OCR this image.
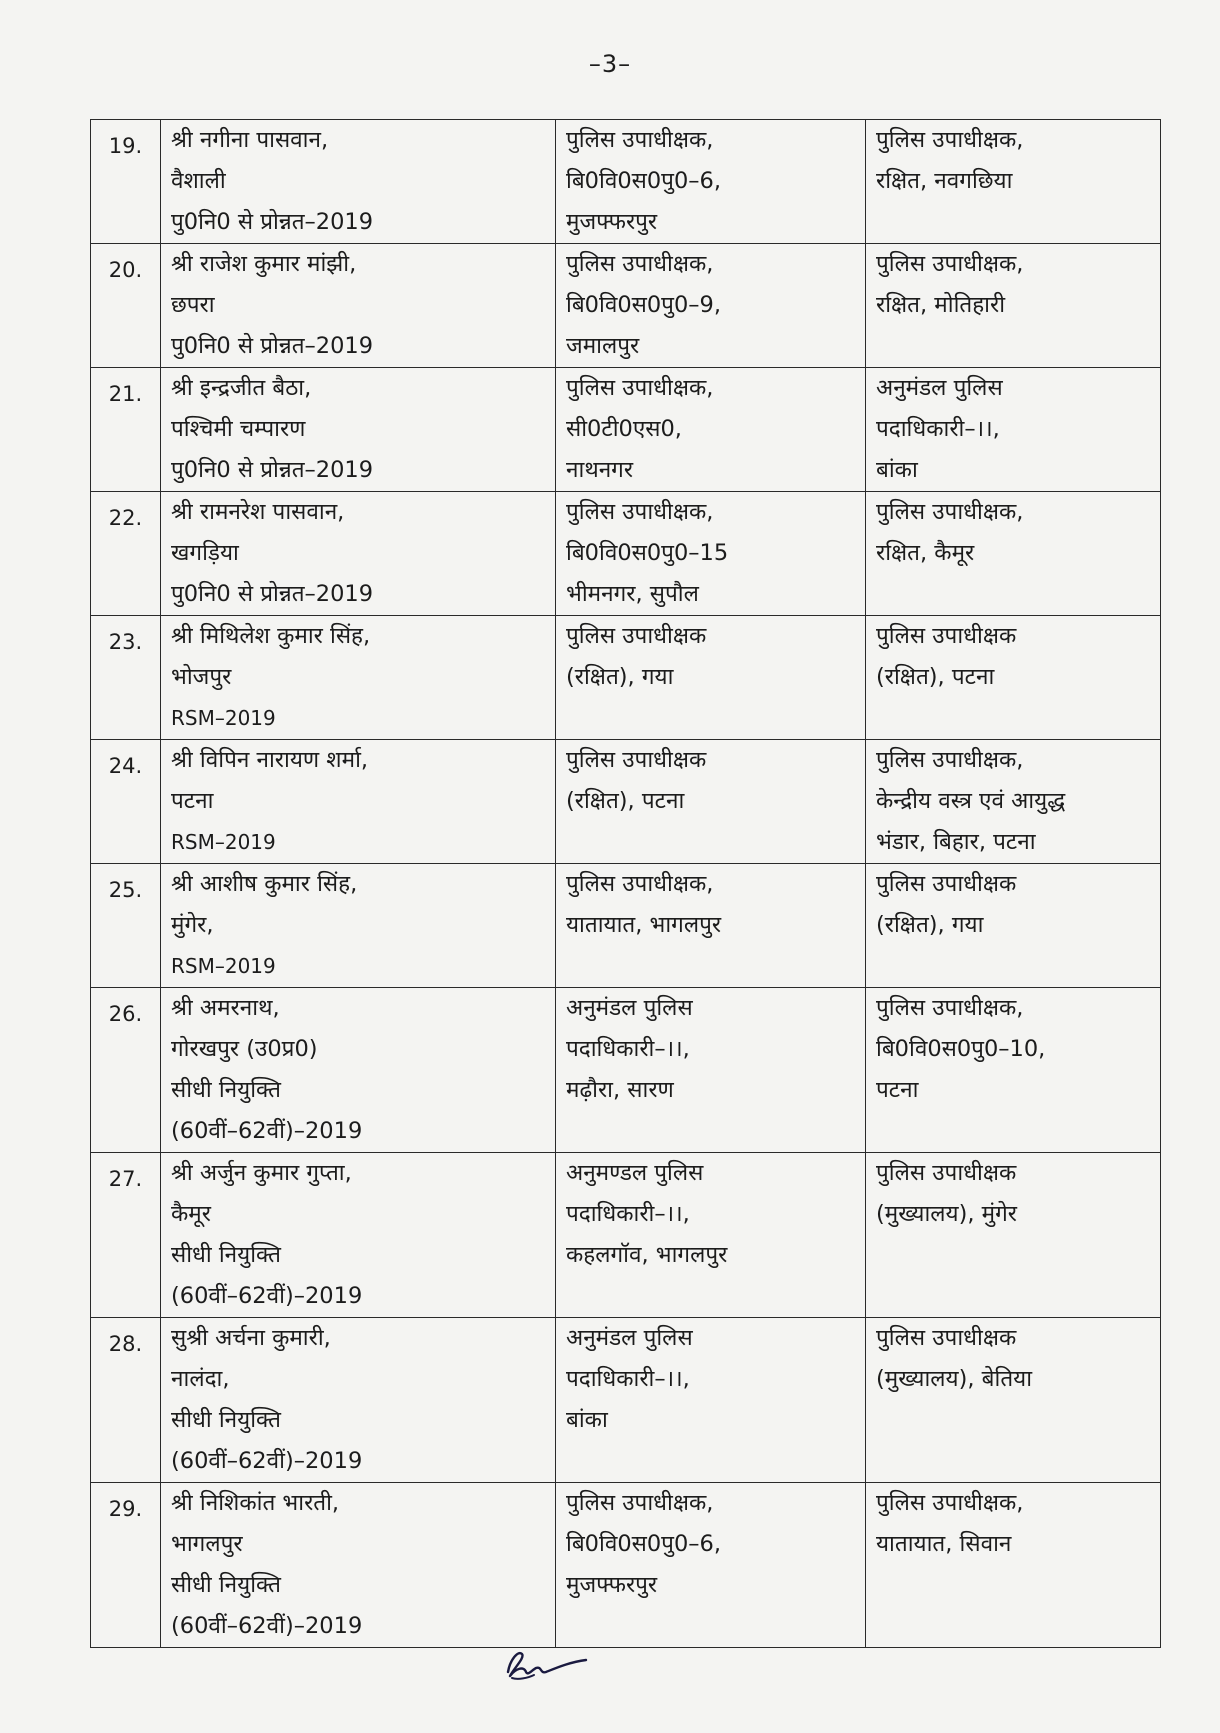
–3–
19.	श्री नगीना पासवान,
वैशाली
पु0नि0 से प्रोन्नत–2019	पुलिस उपाधीक्षक,
बि0वि0स0पु0–6,
मुजफ्फरपुर	पुलिस उपाधीक्षक,
रक्षित, नवगछिया

20.	श्री राजेश कुमार मांझी,
छपरा
पु0नि0 से प्रोन्नत–2019	पुलिस उपाधीक्षक,
बि0वि0स0पु0–9,
जमालपुर	पुलिस उपाधीक्षक,
रक्षित, मोतिहारी

21.	श्री इन्द्रजीत बैठा,
पश्चिमी चम्पारण
पु0नि0 से प्रोन्नत–2019	पुलिस उपाधीक्षक,
सी0टी0एस0,
नाथनगर	अनुमंडल पुलिस
पदाधिकारी–।।,
बांका

22.	श्री रामनरेश पासवान,
खगड़िया
पु0नि0 से प्रोन्नत–2019	पुलिस उपाधीक्षक,
बि0वि0स0पु0–15
भीमनगर, सुपौल	पुलिस उपाधीक्षक,
रक्षित, कैमूर

23.	श्री मिथिलेश कुमार सिंह,
भोजपुर
RSM–2019	पुलिस उपाधीक्षक
(रक्षित), गया	पुलिस उपाधीक्षक
(रक्षित), पटना

24.	श्री विपिन नारायण शर्मा,
पटना
RSM–2019	पुलिस उपाधीक्षक
(रक्षित), पटना	पुलिस उपाधीक्षक,
केन्द्रीय वस्त्र एवं आयुद्ध
भंडार, बिहार, पटना

25.	श्री आशीष कुमार सिंह,
मुंगेर,
RSM–2019	पुलिस उपाधीक्षक,
यातायात, भागलपुर	पुलिस उपाधीक्षक
(रक्षित), गया

26.	श्री अमरनाथ,
गोरखपुर (उ0प्र0)
सीधी नियुक्ति
(60वीं–62वीं)–2019	अनुमंडल पुलिस
पदाधिकारी–।।,
मढ़ौरा, सारण	पुलिस उपाधीक्षक,
बि0वि0स0पु0–10,
पटना

27.	श्री अर्जुन कुमार गुप्ता,
कैमूर
सीधी नियुक्ति
(60वीं–62वीं)–2019	अनुमण्डल पुलिस
पदाधिकारी–।।,
कहलगॉव, भागलपुर	पुलिस उपाधीक्षक
(मुख्यालय), मुंगेर

28.	सुश्री अर्चना कुमारी,
नालंदा,
सीधी नियुक्ति
(60वीं–62वीं)–2019	अनुमंडल पुलिस
पदाधिकारी–।।,
बांका	पुलिस उपाधीक्षक
(मुख्यालय), बेतिया

29.	श्री निशिकांत भारती,
भागलपुर
सीधी नियुक्ति
(60वीं–62वीं)–2019	पुलिस उपाधीक्षक,
बि0वि0स0पु0–6,
मुजफ्फरपुर	पुलिस उपाधीक्षक,
यातायात, सिवान
